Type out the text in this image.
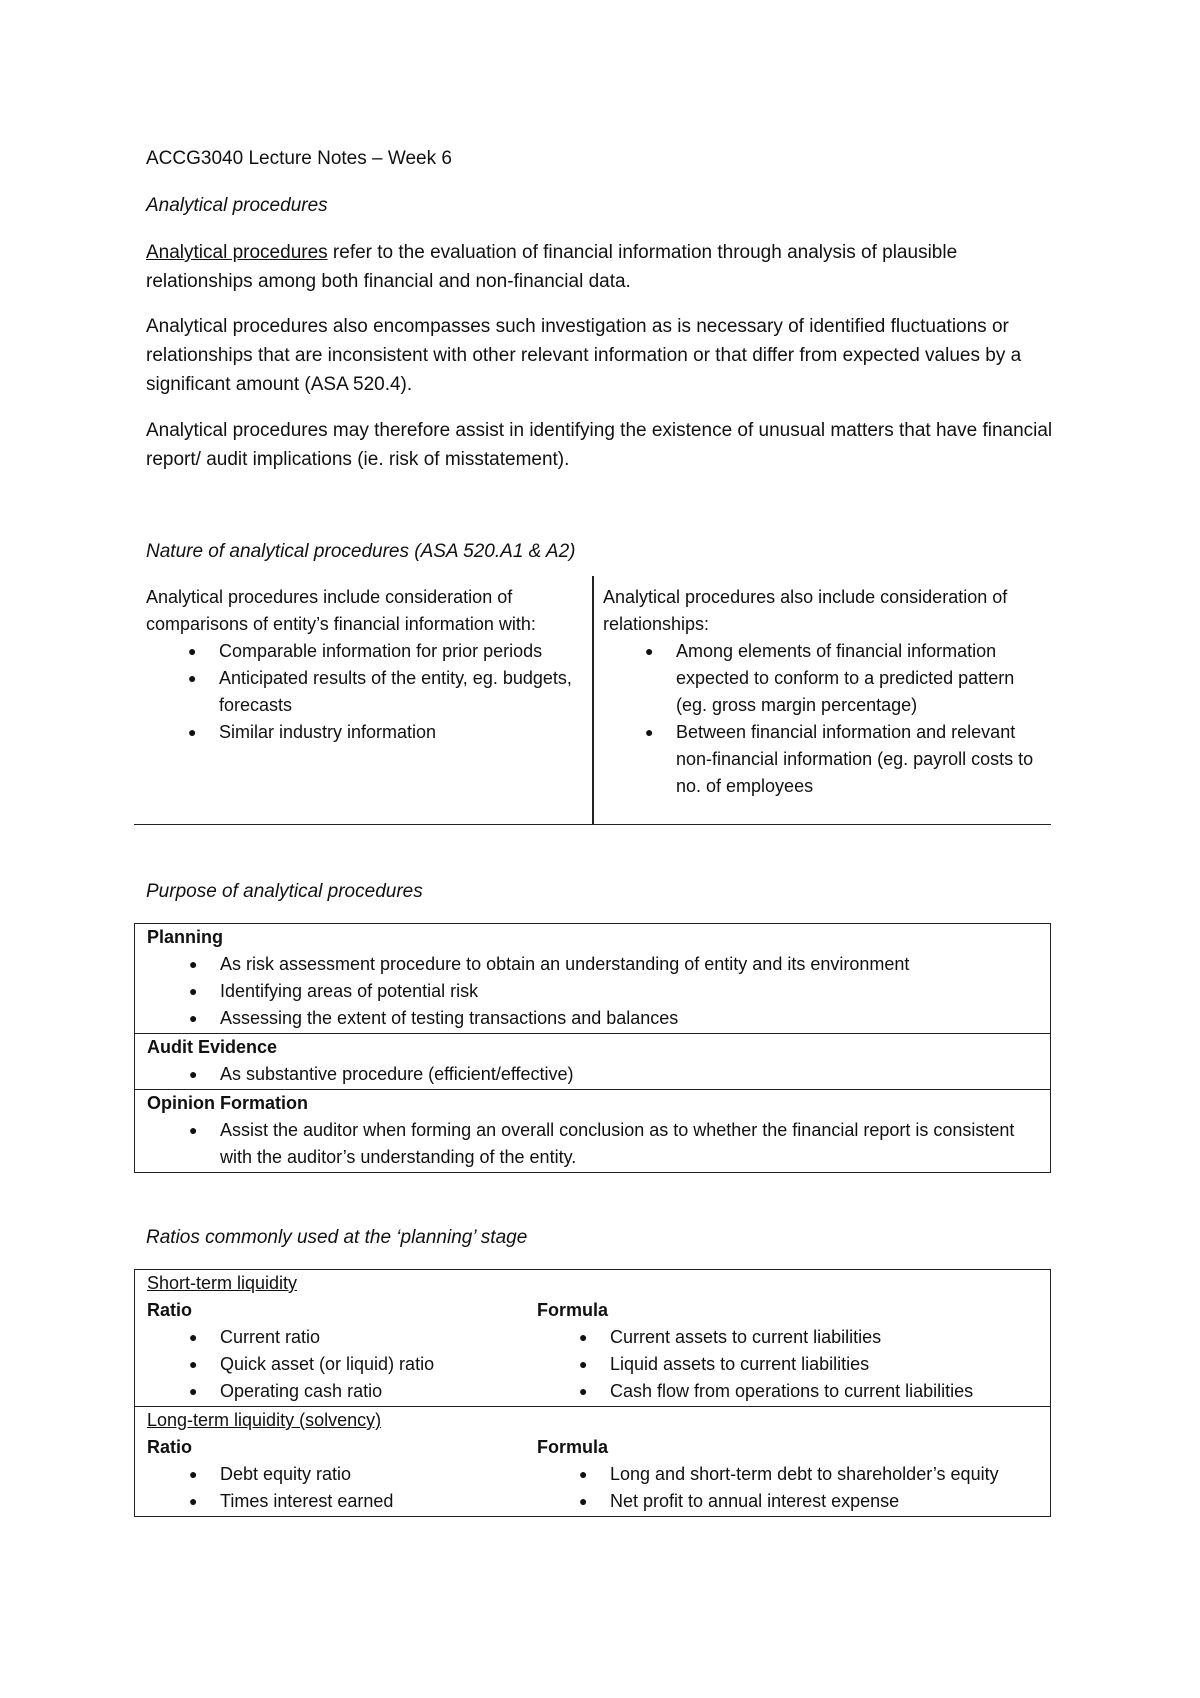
ACCG3040 Lecture Notes – Week 6

Analytical procedures

Analytical procedures refer to the evaluation of financial information through analysis of plausible relationships among both financial and non-financial data.

Analytical procedures also encompasses such investigation as is necessary of identified fluctuations or relationships that are inconsistent with other relevant information or that differ from expected values by a significant amount (ASA 520.4).

Analytical procedures may therefore assist in identifying the existence of unusual matters that have financial report/ audit implications (ie. risk of misstatement).

Nature of analytical procedures (ASA 520.A1 & A2)

Analytical procedures include consideration of comparisons of entity’s financial information with:
● Comparable information for prior periods
● Anticipated results of the entity, eg. budgets, forecasts
● Similar industry information
Analytical procedures also include consideration of relationships:
● Among elements of financial information expected to conform to a predicted pattern (eg. gross margin percentage)
● Between financial information and relevant non-financial information (eg. payroll costs to no. of employees

Purpose of analytical procedures

Planning
● As risk assessment procedure to obtain an understanding of entity and its environment
● Identifying areas of potential risk
● Assessing the extent of testing transactions and balances
Audit Evidence
● As substantive procedure (efficient/effective)
Opinion Formation
● Assist the auditor when forming an overall conclusion as to whether the financial report is consistent with the auditor’s understanding of the entity.

Ratios commonly used at the ‘planning’ stage

Short-term liquidity
Ratio
● Current ratio
● Quick asset (or liquid) ratio
● Operating cash ratio
Formula
● Current assets to current liabilities
● Liquid assets to current liabilities
● Cash flow from operations to current liabilities
Long-term liquidity (solvency)
Ratio
● Debt equity ratio
● Times interest earned
Formula
● Long and short-term debt to shareholder’s equity
● Net profit to annual interest expense
